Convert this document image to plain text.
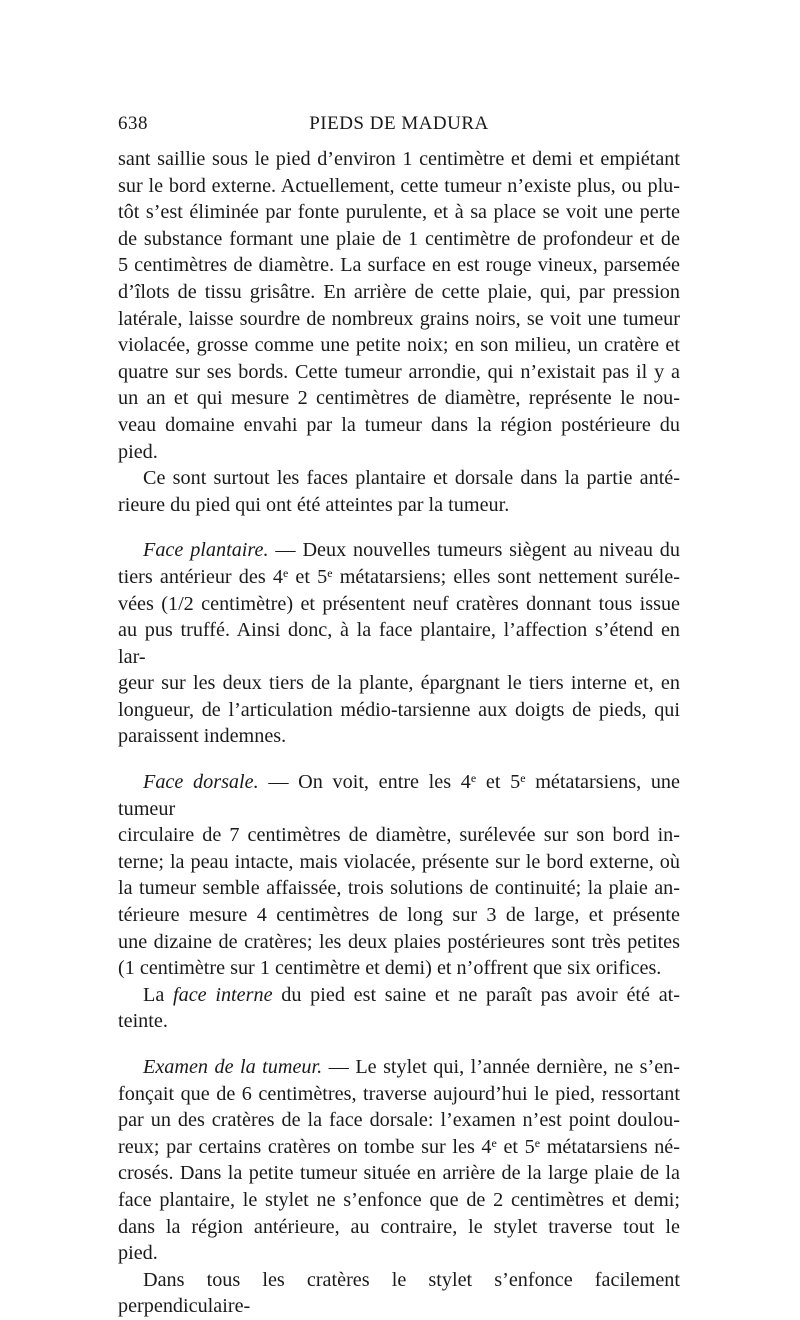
638	PIEDS DE MADURA

sant saillie sous le pied d’environ 1 centimètre et demi et empiétant
sur le bord externe. Actuellement, cette tumeur n’existe plus, ou plu-
tôt s’est éliminée par fonte purulente, et à sa place se voit une perte
de substance formant une plaie de 1 centimètre de profondeur et de
5 centimètres de diamètre. La surface en est rouge vineux, parsemée
d’îlots de tissu grisâtre. En arrière de cette plaie, qui, par pression
latérale, laisse sourdre de nombreux grains noirs, se voit une tumeur
violacée, grosse comme une petite noix; en son milieu, un cratère et
quatre sur ses bords. Cette tumeur arrondie, qui n’existait pas il y a
un an et qui mesure 2 centimètres de diamètre, représente le nou-
veau domaine envahi par la tumeur dans la région postérieure du
pied.

Ce sont surtout les faces plantaire et dorsale dans la partie anté-
rieure du pied qui ont été atteintes par la tumeur.

Face plantaire. — Deux nouvelles tumeurs siègent au niveau du
tiers antérieur des 4e et 5e métatarsiens; elles sont nettement suréle-
vées (1/2 centimètre) et présentent neuf cratères donnant tous issue
au pus truffé. Ainsi donc, à la face plantaire, l’affection s’étend en lar-
geur sur les deux tiers de la plante, épargnant le tiers interne et, en
longueur, de l’articulation médio-tarsienne aux doigts de pieds, qui
paraissent indemnes.

Face dorsale. — On voit, entre les 4e et 5e métatarsiens, une tumeur
circulaire de 7 centimètres de diamètre, surélevée sur son bord in-
terne; la peau intacte, mais violacée, présente sur le bord externe, où
la tumeur semble affaissée, trois solutions de continuité; la plaie an-
térieure mesure 4 centimètres de long sur 3 de large, et présente
une dizaine de cratères; les deux plaies postérieures sont très petites
(1 centimètre sur 1 centimètre et demi) et n’offrent que six orifices.

La face interne du pied est saine et ne paraît pas avoir été at-
teinte.

Examen de la tumeur. — Le stylet qui, l’année dernière, ne s’en-
fonçait que de 6 centimètres, traverse aujourd’hui le pied, ressortant
par un des cratères de la face dorsale: l’examen n’est point doulou-
reux; par certains cratères on tombe sur les 4e et 5e métatarsiens né-
crosés. Dans la petite tumeur située en arrière de la large plaie de la
face plantaire, le stylet ne s’enfonce que de 2 centimètres et demi;
dans la région antérieure, au contraire, le stylet traverse tout le
pied.

Dans tous les cratères le stylet s’enfonce facilement perpendiculaire-
